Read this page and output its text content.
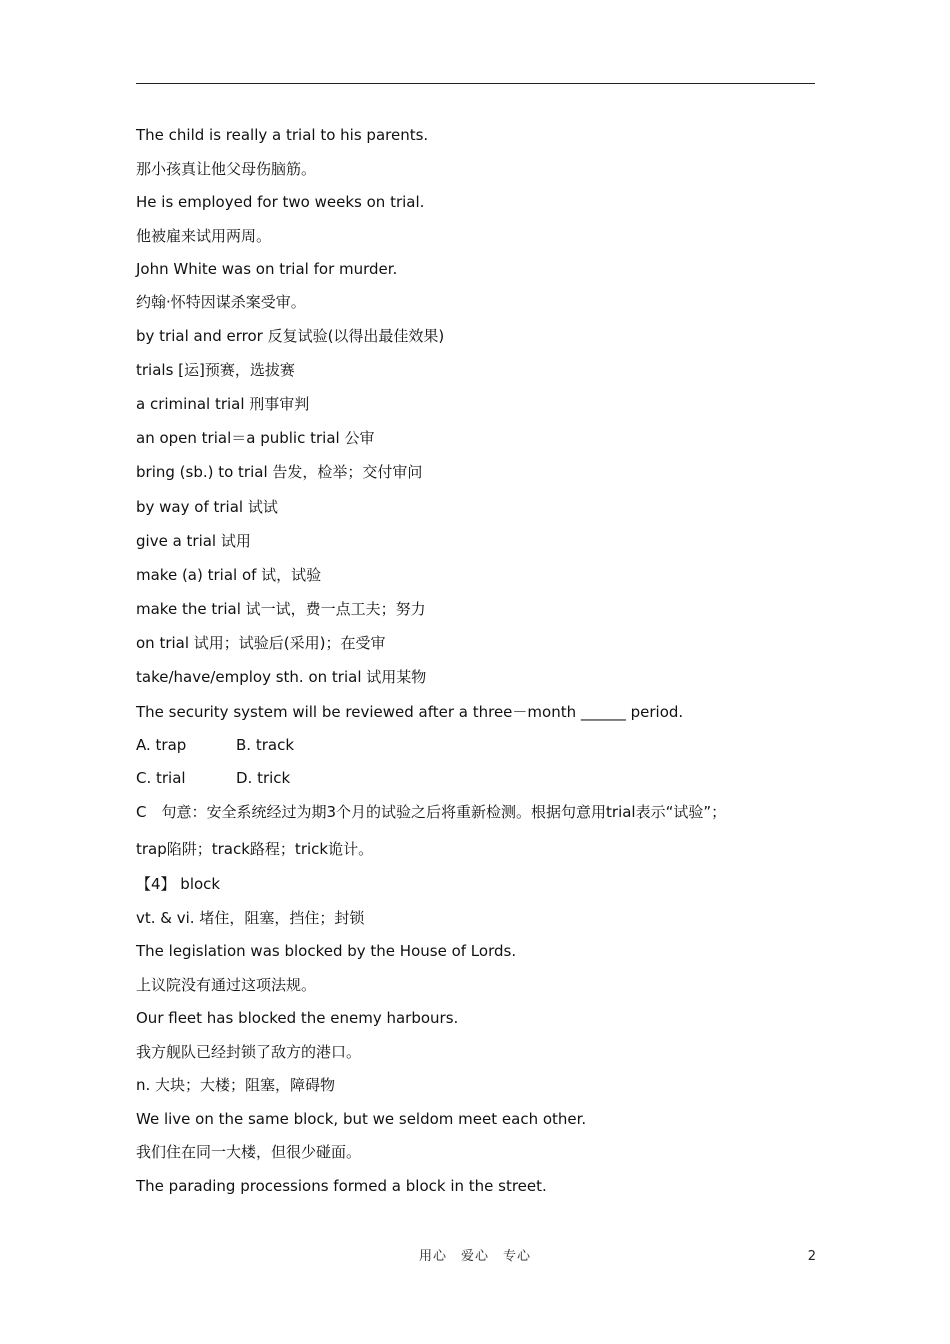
The child is really a trial to his parents.
那小孩真让他父母伤脑筋。
He is employed for two weeks on trial.
他被雇来试用两周。
John White was on trial for murder.
约翰·怀特因谋杀案受审。
by trial and error 反复试验(以得出最佳效果)
trials [运]预赛，选拔赛
a criminal trial 刑事审判
an open trial＝a public trial 公审
bring (sb.) to trial 告发，检举；交付审问
by way of trial 试试
give a trial 试用
make (a) trial of 试，试验
make the trial 试一试，费一点工夫；努力
on trial 试用；试验后(采用)；在受审
take/have/employ sth. on trial 试用某物
The security system will be reviewed after a three－month ______ period.
A. trap	B. track
C. trial	D. trick
C　句意：安全系统经过为期3个月的试验之后将重新检测。根据句意用trial表示“试验”；
trap陷阱；track路程；trick诡计。
【4】 block
vt. & vi. 堵住，阻塞，挡住；封锁
The legislation was blocked by the House of Lords.
上议院没有通过这项法规。
Our fleet has blocked the enemy harbours.
我方舰队已经封锁了敌方的港口。
n. 大块；大楼；阻塞，障碍物
We live on the same block, but we seldom meet each other.
我们住在同一大楼，但很少碰面。
The parading processions formed a block in the street.
用心　爱心　专心	2
